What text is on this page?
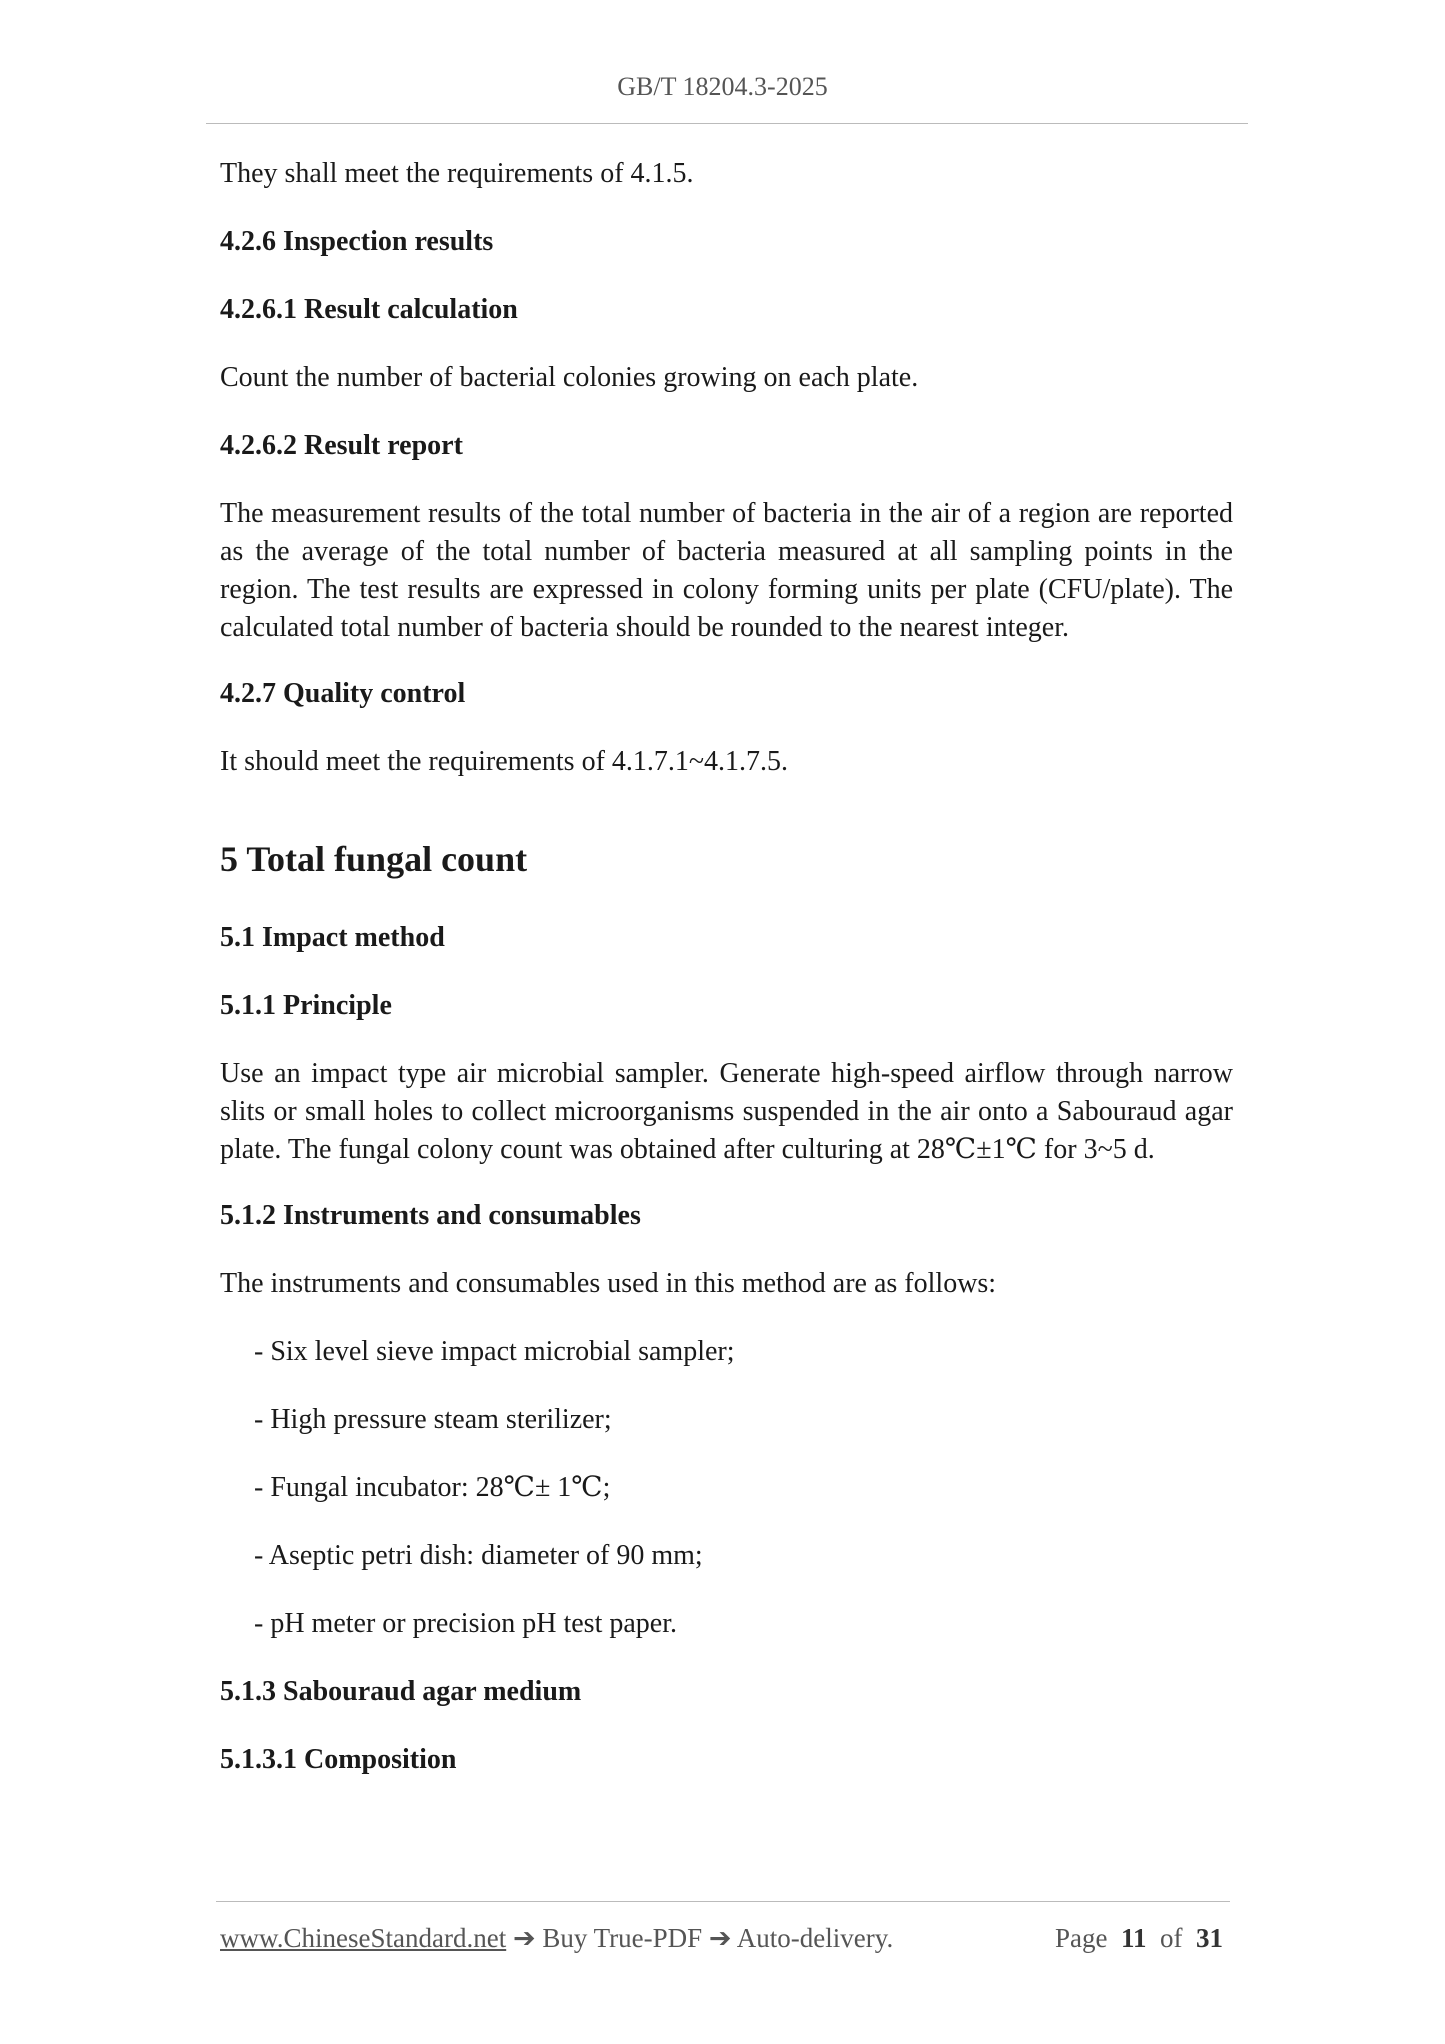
GB/T 18204.3-2025

They shall meet the requirements of 4.1.5.

4.2.6 Inspection results
4.2.6.1 Result calculation

Count the number of bacterial colonies growing on each plate.

4.2.6.2 Result report

The measurement results of the total number of bacteria in the air of a region are reported as the average of the total number of bacteria measured at all sampling points in the region. The test results are expressed in colony forming units per plate (CFU/plate). The calculated total number of bacteria should be rounded to the nearest integer.

4.2.7 Quality control

It should meet the requirements of 4.1.7.1~4.1.7.5.

5 Total fungal count
5.1 Impact method
5.1.1 Principle

Use an impact type air microbial sampler. Generate high-speed airflow through narrow slits or small holes to collect microorganisms suspended in the air onto a Sabouraud agar plate. The fungal colony count was obtained after culturing at 28℃±1℃ for 3~5 d.

5.1.2 Instruments and consumables

The instruments and consumables used in this method are as follows:

- Six level sieve impact microbial sampler;

- High pressure steam sterilizer;

- Fungal incubator: 28℃± 1℃;

- Aseptic petri dish: diameter of 90 mm;

- pH meter or precision pH test paper.

5.1.3 Sabouraud agar medium
5.1.3.1 Composition
www.ChineseStandard.net ➔ Buy True-PDF ➔ Auto-delivery.	Page 11 of 31
